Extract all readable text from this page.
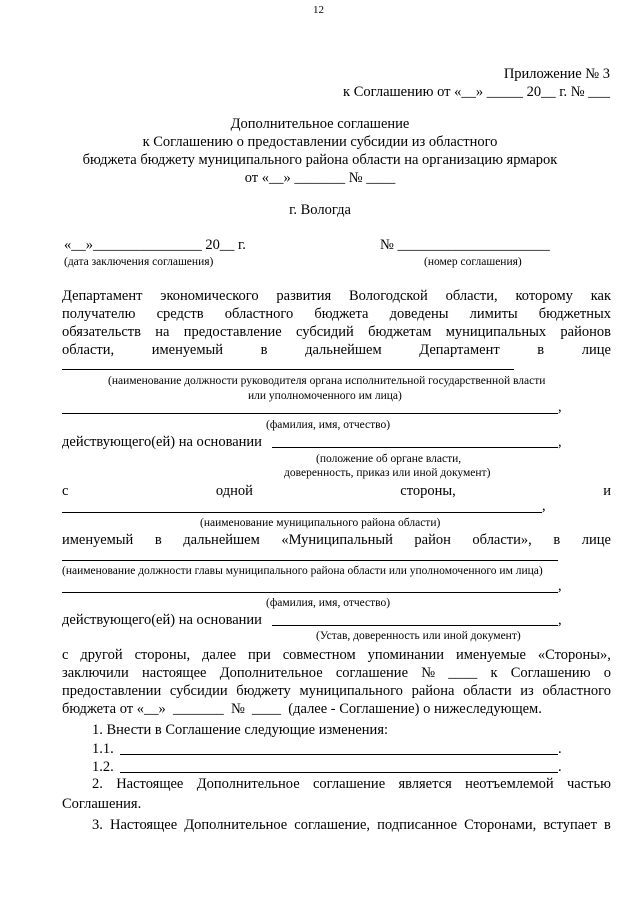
12
Приложение № 3
к Соглашению от «__» _____ 20__ г. № ___
Дополнительное соглашение
к Соглашению о предоставлении субсидии из областного
бюджета бюджету муниципального района области на организацию ярмарок
от «__» _______ № ____
г. Вологда
«__»_______________ 20__ г.
(дата заключения соглашения)
№ _____________________
(номер соглашения)
Департамент экономического развития Вологодской области, которому как
получателю средств областного бюджета доведены лимиты бюджетных
обязательств на предоставление субсидий бюджетам муниципальных районов
области,	именуемый	в	дальнейшем	Департамент	в	лице
(наименование должности руководителя органа исполнительной государственной власти
или уполномоченного им лица)
,
(фамилия, имя, отчество)
действующего(ей) на основании	,
(положение об органе власти,
доверенность, приказ или иной документ)
с	одной	стороны,	и
,
(наименование муниципального района области)
именуемый в дальнейшем «Муниципальный район области», в лице
(наименование должности главы муниципального района области или уполномоченного им лица)
,
(фамилия, имя, отчество)
действующего(ей) на основании	,
(Устав, доверенность или иной документ)
с другой стороны, далее при совместном упоминании именуемые «Стороны»,
заключили настоящее Дополнительное соглашение № ____ к Соглашению о
предоставлении субсидии бюджету муниципального района области из областного
бюджета от «__»  _______  №  ____  (далее - Соглашение) о нижеследующем.
1. Внести в Соглашение следующие изменения:
1.1.	.
1.2.	.
2. Настоящее Дополнительное соглашение является неотъемлемой частью
Соглашения.
3. Настоящее Дополнительное соглашение, подписанное Сторонами, вступает в
